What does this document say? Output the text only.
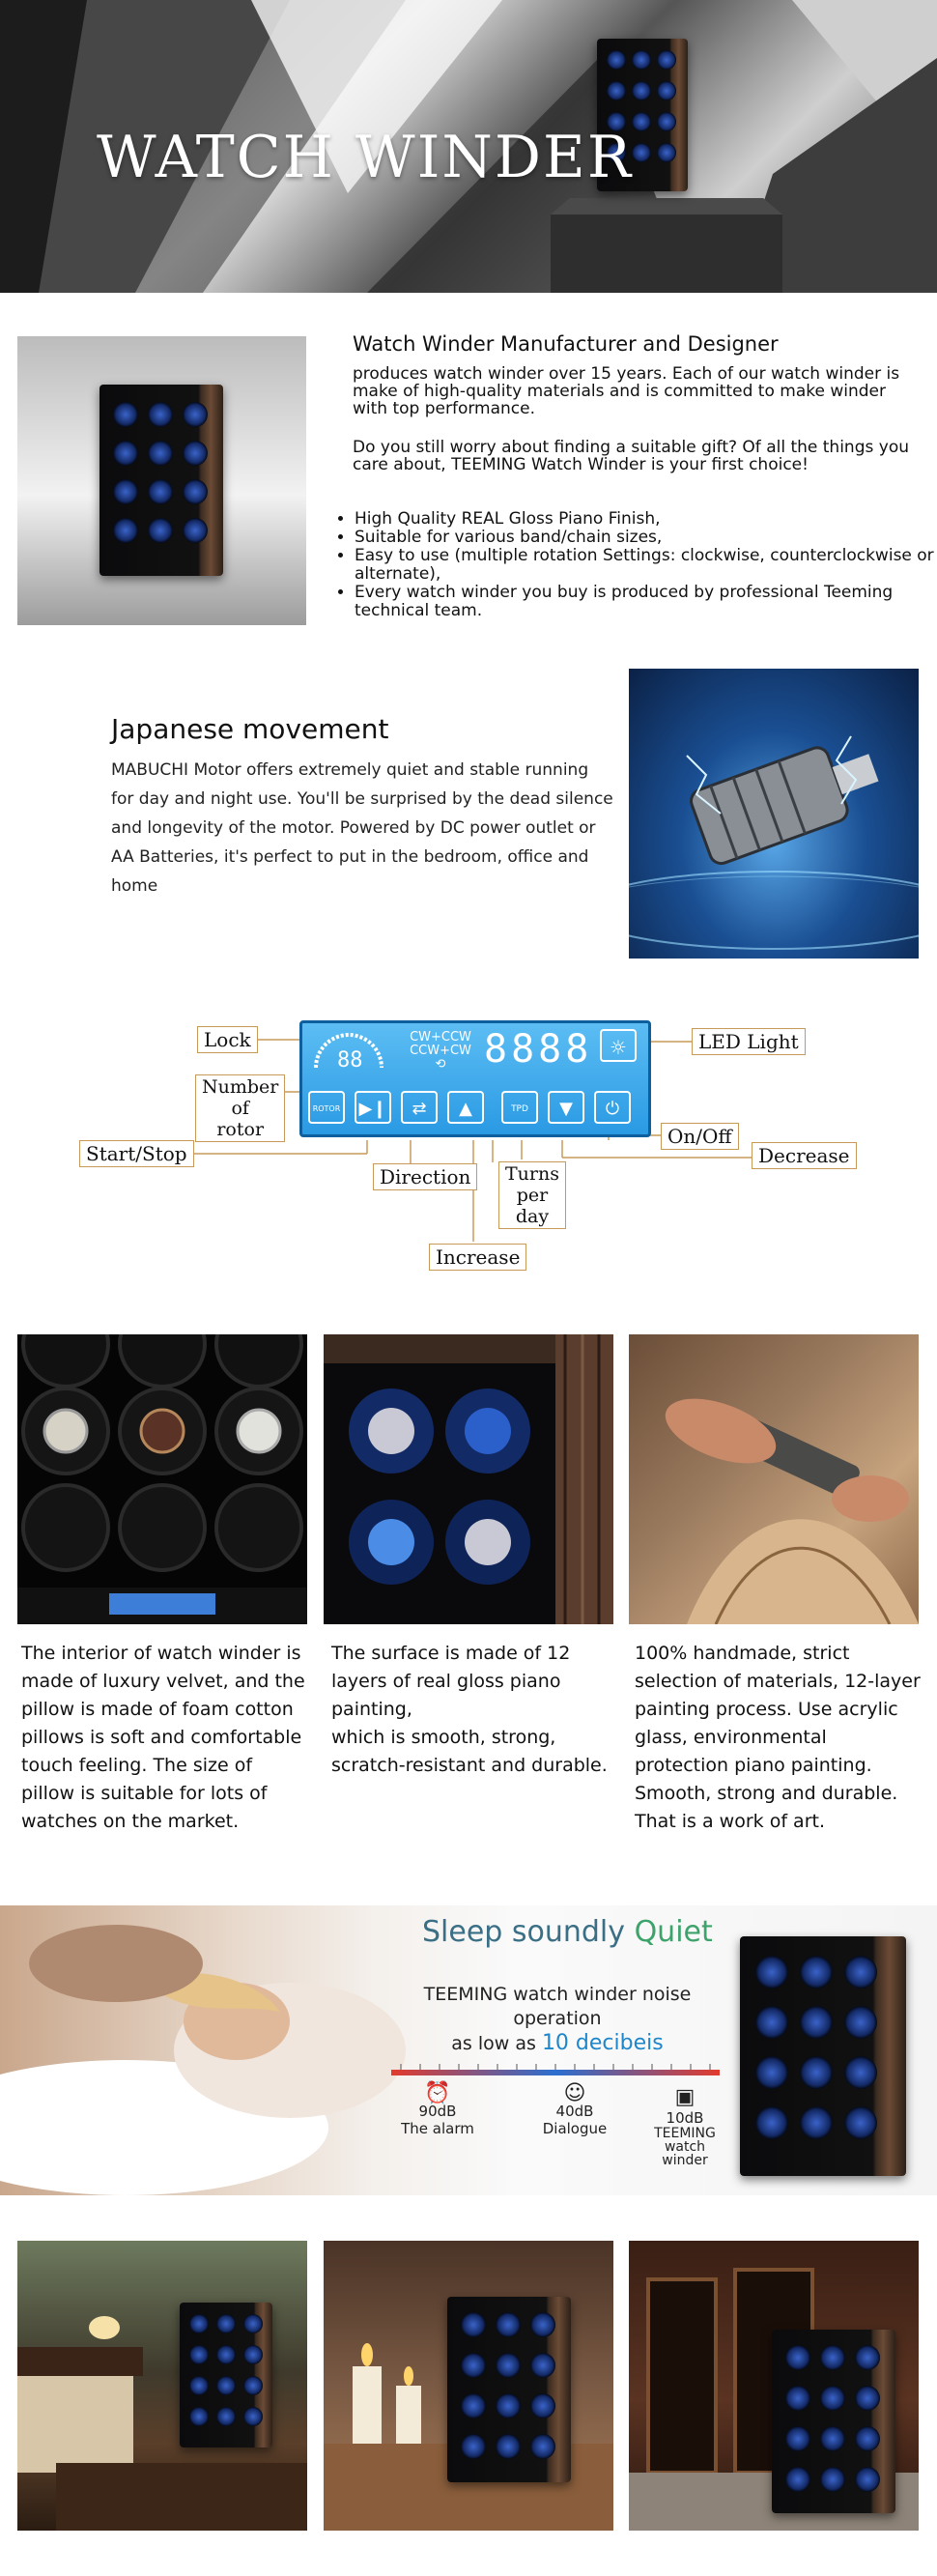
WATCH WINDER
Watch Winder Manufacturer and Designer

produces watch winder over 15 years. Each of our watch winder is make of high-quality materials and is committed to make winder with top performance.

Do you still worry about finding a suitable gift? Of all the things you care about, TEEMING Watch Winder is your first choice!

• High Quality REAL Gloss Piano Finish,
• Suitable for various band/chain sizes,
• Easy to use (multiple rotation Settings: clockwise, counterclockwise or alternate),
• Every watch winder you buy is produced by professional Teeming technical team.
Japanese movement

MABUCHI Motor offers extremely quiet and stable running for day and night use. You'll be surprised by the dead silence and longevity of the motor. Powered by DC power outlet or AA Batteries, it's perfect to put in the bedroom, office and home

88
CW+CCW
CCW+CW
⟲ 8888 ☼
ROTOR ▶❙	⇄	▲	TPD	▼	⏻
Lock
Number
of
rotor
Start/Stop
Direction	Turns
per
day
Increase
LED Light
On/Off
Decrease

The interior of watch winder is made of luxury velvet, and the pillow is made of foam cotton pillows is soft and comfortable touch feeling. The size of pillow is suitable for lots of watches on the market.

The surface is made of 12 layers of real gloss piano painting,
which is smooth, strong, scratch-resistant and durable.

100% handmade, strict selection of materials, 12-layer painting process. Use acrylic glass, environmental protection piano painting. Smooth, strong and durable. That is a work of art.

Sleep soundly Quiet
TEEMING watch winder noise operation
as low as 10 decibeis
⏰
90dB
The alarm
☺
40dB
Dialogue
▣
10dB
TEEMING watch winder
